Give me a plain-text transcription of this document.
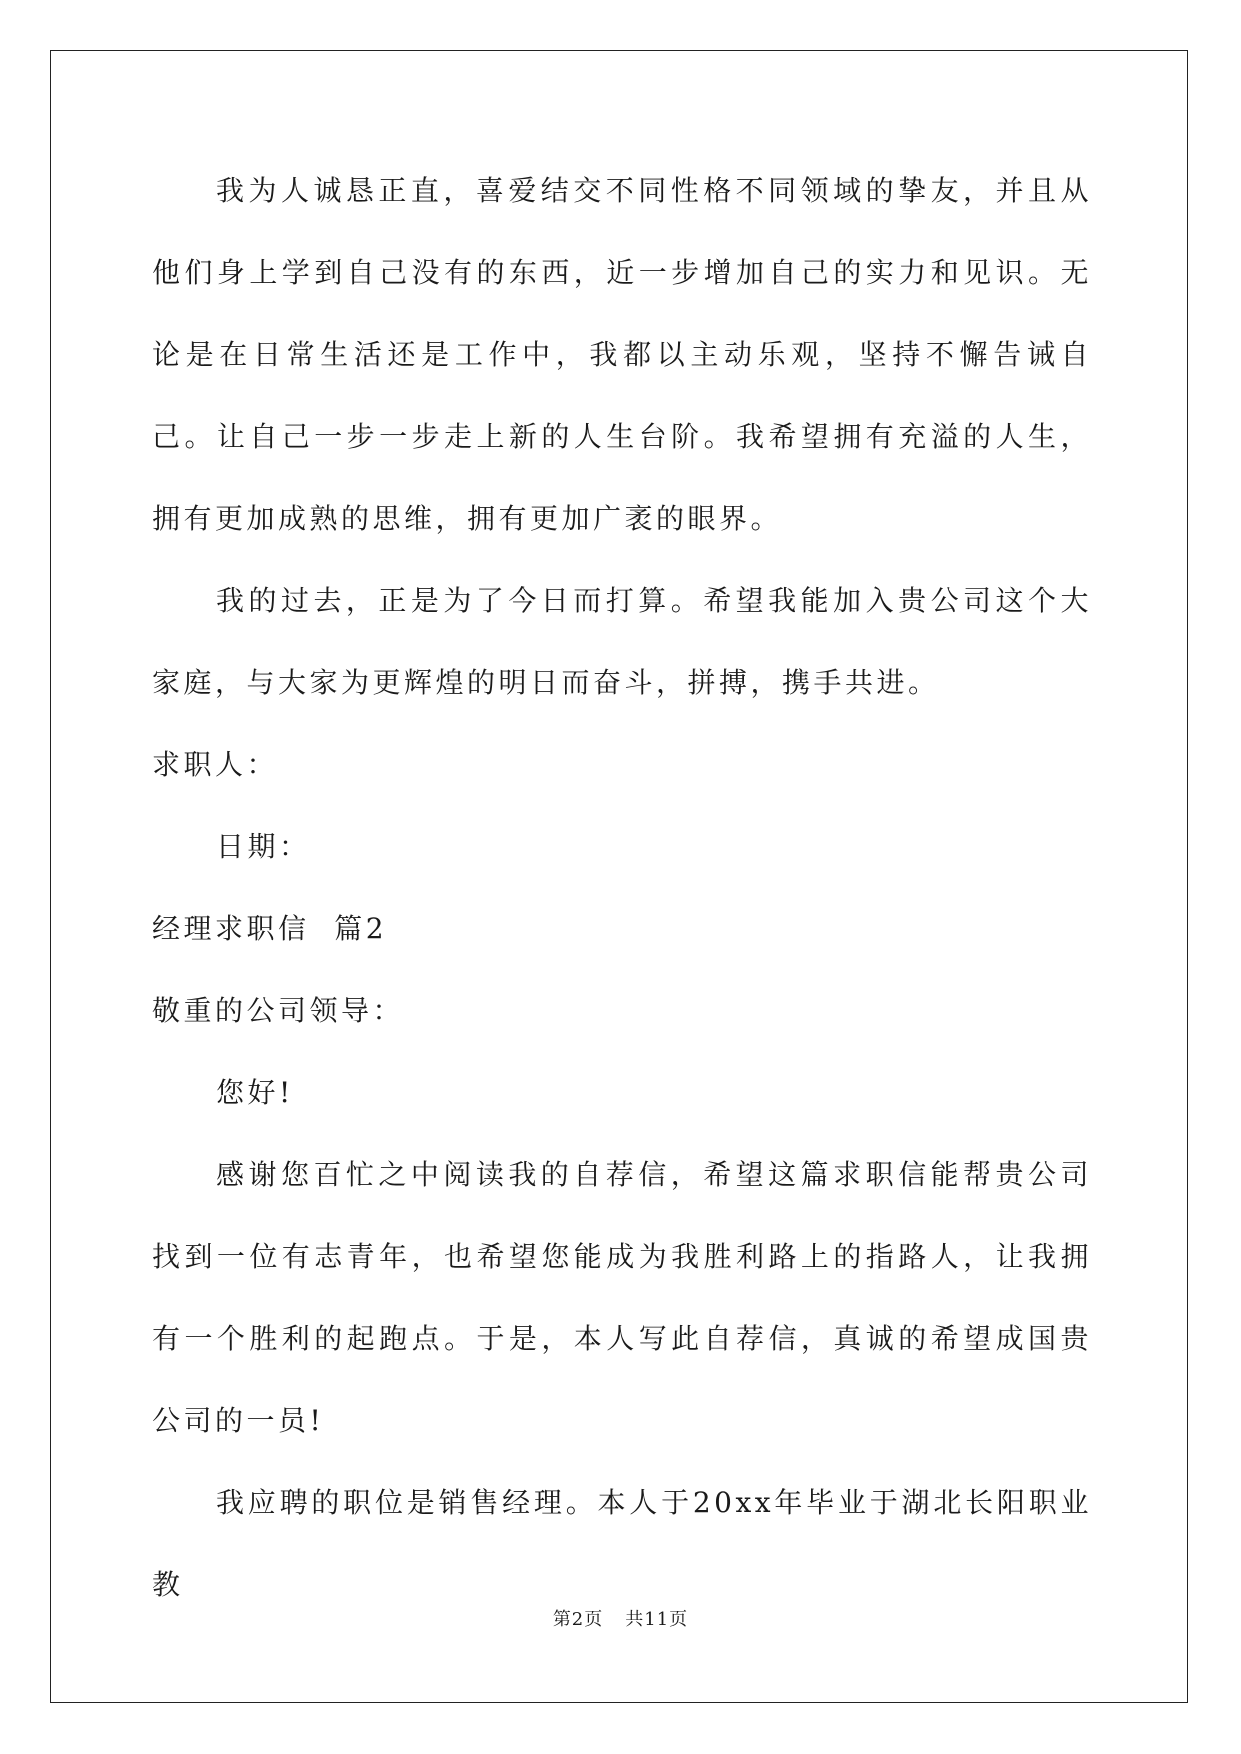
我为人诚恳正直，喜爱结交不同性格不同领域的挚友，并且从他们身上学到自己没有的东西，近一步增加自己的实力和见识。无论是在日常生活还是工作中，我都以主动乐观，坚持不懈告诫自己。让自己一步一步走上新的人生台阶。我希望拥有充溢的人生，拥有更加成熟的思维，拥有更加广袤的眼界。

我的过去，正是为了今日而打算。希望我能加入贵公司这个大家庭，与大家为更辉煌的明日而奋斗，拼搏，携手共进。

求职人：

日期：

经理求职信  篇2

敬重的公司领导：

您好!

感谢您百忙之中阅读我的自荐信，希望这篇求职信能帮贵公司找到一位有志青年，也希望您能成为我胜利路上的指路人，让我拥有一个胜利的起跑点。于是，本人写此自荐信，真诚的希望成国贵公司的一员!

我应聘的职位是销售经理。本人于20xx年毕业于湖北长阳职业教

第2页 共11页
